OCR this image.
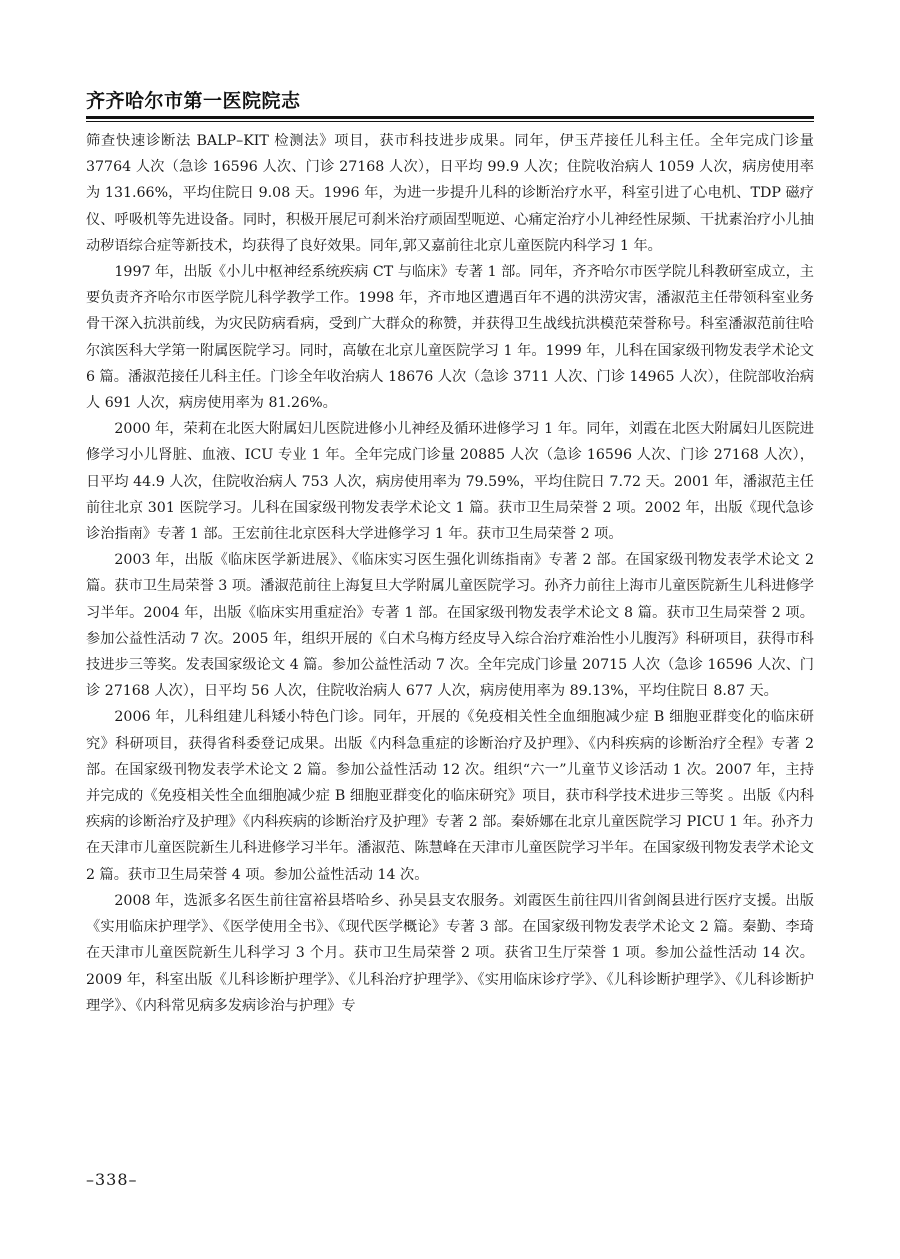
齐齐哈尔市第一医院院志

筛查快速诊断法 BALP–KIT 检测法》项目，获市科技进步成果。同年，伊玉芹接任儿科主任。全年完成门诊量 37764 人次（急诊 16596 人次、门诊 27168 人次），日平均 99.9 人次；住院收治病人 1059 人次，病房使用率为 131.66%，平均住院日 9.08 天。1996 年，为进一步提升儿科的诊断治疗水平，科室引进了心电机、TDP 磁疗仪、呼吸机等先进设备。同时，积极开展尼可刹米治疗顽固型呃逆、心痛定治疗小儿神经性尿频、干扰素治疗小儿抽动秽语综合症等新技术，均获得了良好效果。同年,郭又嘉前往北京儿童医院内科学习 1 年。

1997 年，出版《小儿中枢神经系统疾病 CT 与临床》专著 1 部。同年，齐齐哈尔市医学院儿科教研室成立，主要负责齐齐哈尔市医学院儿科学教学工作。1998 年，齐市地区遭遇百年不遇的洪涝灾害，潘淑范主任带领科室业务骨干深入抗洪前线，为灾民防病看病，受到广大群众的称赞，并获得卫生战线抗洪模范荣誉称号。科室潘淑范前往哈尔滨医科大学第一附属医院学习。同时，高敏在北京儿童医院学习 1 年。1999 年，儿科在国家级刊物发表学术论文 6 篇。潘淑范接任儿科主任。门诊全年收治病人 18676 人次（急诊 3711 人次、门诊 14965 人次），住院部收治病人 691 人次，病房使用率为 81.26%。

2000 年，荣莉在北医大附属妇儿医院进修小儿神经及循环进修学习 1 年。同年，刘霞在北医大附属妇儿医院进修学习小儿肾脏、血液、ICU 专业 1 年。全年完成门诊量 20885 人次（急诊 16596 人次、门诊 27168 人次），日平均 44.9 人次，住院收治病人 753 人次，病房使用率为 79.59%，平均住院日 7.72 天。2001 年，潘淑范主任前往北京 301 医院学习。儿科在国家级刊物发表学术论文 1 篇。获市卫生局荣誉 2 项。2002 年，出版《现代急诊诊治指南》专著 1 部。王宏前往北京医科大学进修学习 1 年。获市卫生局荣誉 2 项。

2003 年，出版《临床医学新进展》、《临床实习医生强化训练指南》专著 2 部。在国家级刊物发表学术论文 2 篇。获市卫生局荣誉 3 项。潘淑范前往上海复旦大学附属儿童医院学习。孙齐力前往上海市儿童医院新生儿科进修学习半年。2004 年，出版《临床实用重症治》专著 1 部。在国家级刊物发表学术论文 8 篇。获市卫生局荣誉 2 项。参加公益性活动 7 次。2005 年，组织开展的《白术乌梅方经皮导入综合治疗难治性小儿腹泻》科研项目，获得市科技进步三等奖。发表国家级论文 4 篇。参加公益性活动 7 次。全年完成门诊量 20715 人次（急诊 16596 人次、门诊 27168 人次），日平均 56 人次，住院收治病人 677 人次，病房使用率为 89.13%，平均住院日 8.87 天。

2006 年，儿科组建儿科矮小特色门诊。同年，开展的《免疫相关性全血细胞减少症 B 细胞亚群变化的临床研究》科研项目，获得省科委登记成果。出版《内科急重症的诊断治疗及护理》、《内科疾病的诊断治疗全程》专著 2 部。在国家级刊物发表学术论文 2 篇。参加公益性活动 12 次。组织“六一”儿童节义诊活动 1 次。2007 年，主持并完成的《免疫相关性全血细胞减少症 B 细胞亚群变化的临床研究》项目，获市科学技术进步三等奖 。出版《内科疾病的诊断治疗及护理》《内科疾病的诊断治疗及护理》专著 2 部。秦娇娜在北京儿童医院学习 PICU 1 年。孙齐力在天津市儿童医院新生儿科进修学习半年。潘淑范、陈慧峰在天津市儿童医院学习半年。在国家级刊物发表学术论文 2 篇。获市卫生局荣誉 4 项。参加公益性活动 14 次。

2008 年，选派多名医生前往富裕县塔哈乡、孙吴县支农服务。刘霞医生前往四川省剑阁县进行医疗支援。出版《实用临床护理学》、《医学使用全书》、《现代医学概论》专著 3 部。在国家级刊物发表学术论文 2 篇。秦勤、李琦在天津市儿童医院新生儿科学习 3 个月。获市卫生局荣誉 2 项。获省卫生厅荣誉 1 项。参加公益性活动 14 次。2009 年，科室出版《儿科诊断护理学》、《儿科治疗护理学》、《实用临床诊疗学》、《儿科诊断护理学》、《儿科诊断护理学》、《内科常见病多发病诊治与护理》专

–338–
